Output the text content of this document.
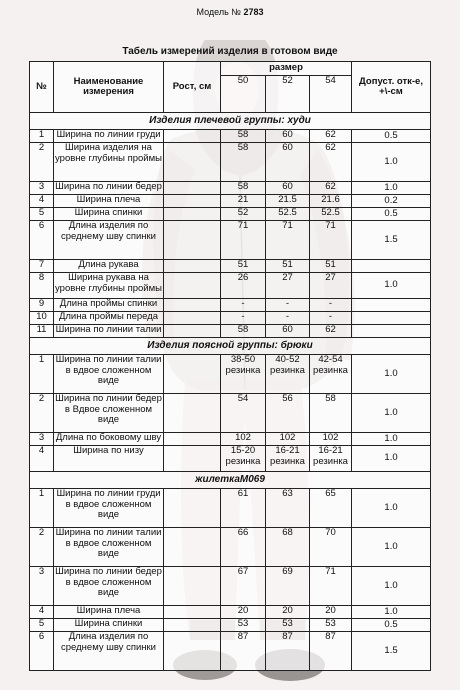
Модель № 2783
Табель измерений изделия в готовом виде
№	Наименование измерения	Рост, см	размер			Допуст. отк-е, +\-см
			50	52	54	
Изделия плечевой группы: худи						
1	Ширина по линии груди		58	60	62	0.5
2	Ширина изделия на уровне глубины проймы		58	60	62	1.0
3	Ширина по линии бедер		58	60	62	1.0
4	Ширина плеча		21	21.5	21.6	0.2
5	Ширина спинки		52	52.5	52.5	0.5
6	Длина изделия по среднему шву спинки		71	71	71	1.5
7	Длина рукава		51	51	51	
8	Ширина рукава на уровне глубины проймы		26	27	27	1.0
9	Длина проймы спинки		-	-	-	
10	Длина проймы переда		-	-	-	
11	Ширина по линии талии		58	60	62	
Изделия поясной группы: брюки						
1	Ширина по линии талии в вдвое сложенном виде		38-50 резинка	40-52 резинка	42-54 резинка	1.0
2	Ширина по линии бедер в Вдвое сложенном виде		54	56	58	1.0
3	Длина по боковому шву		102	102	102	1.0
4	Ширина по низу		15-20 резинка	16-21 резинка	16-21 резинка	1.0
жилеткаМ069						
1	Ширина по линии груди в вдвое сложенном виде		61	63	65	1.0
2	Ширина по линии талии в вдвое сложенном виде		66	68	70	1.0
3	Ширина по линии бедер в вдвое сложенном виде		67	69	71	1.0
4	Ширина плеча		20	20	20	1.0
5	Ширина спинки		53	53	53	0.5
6	Длина изделия по среднему шву спинки		87	87	87	1.5
